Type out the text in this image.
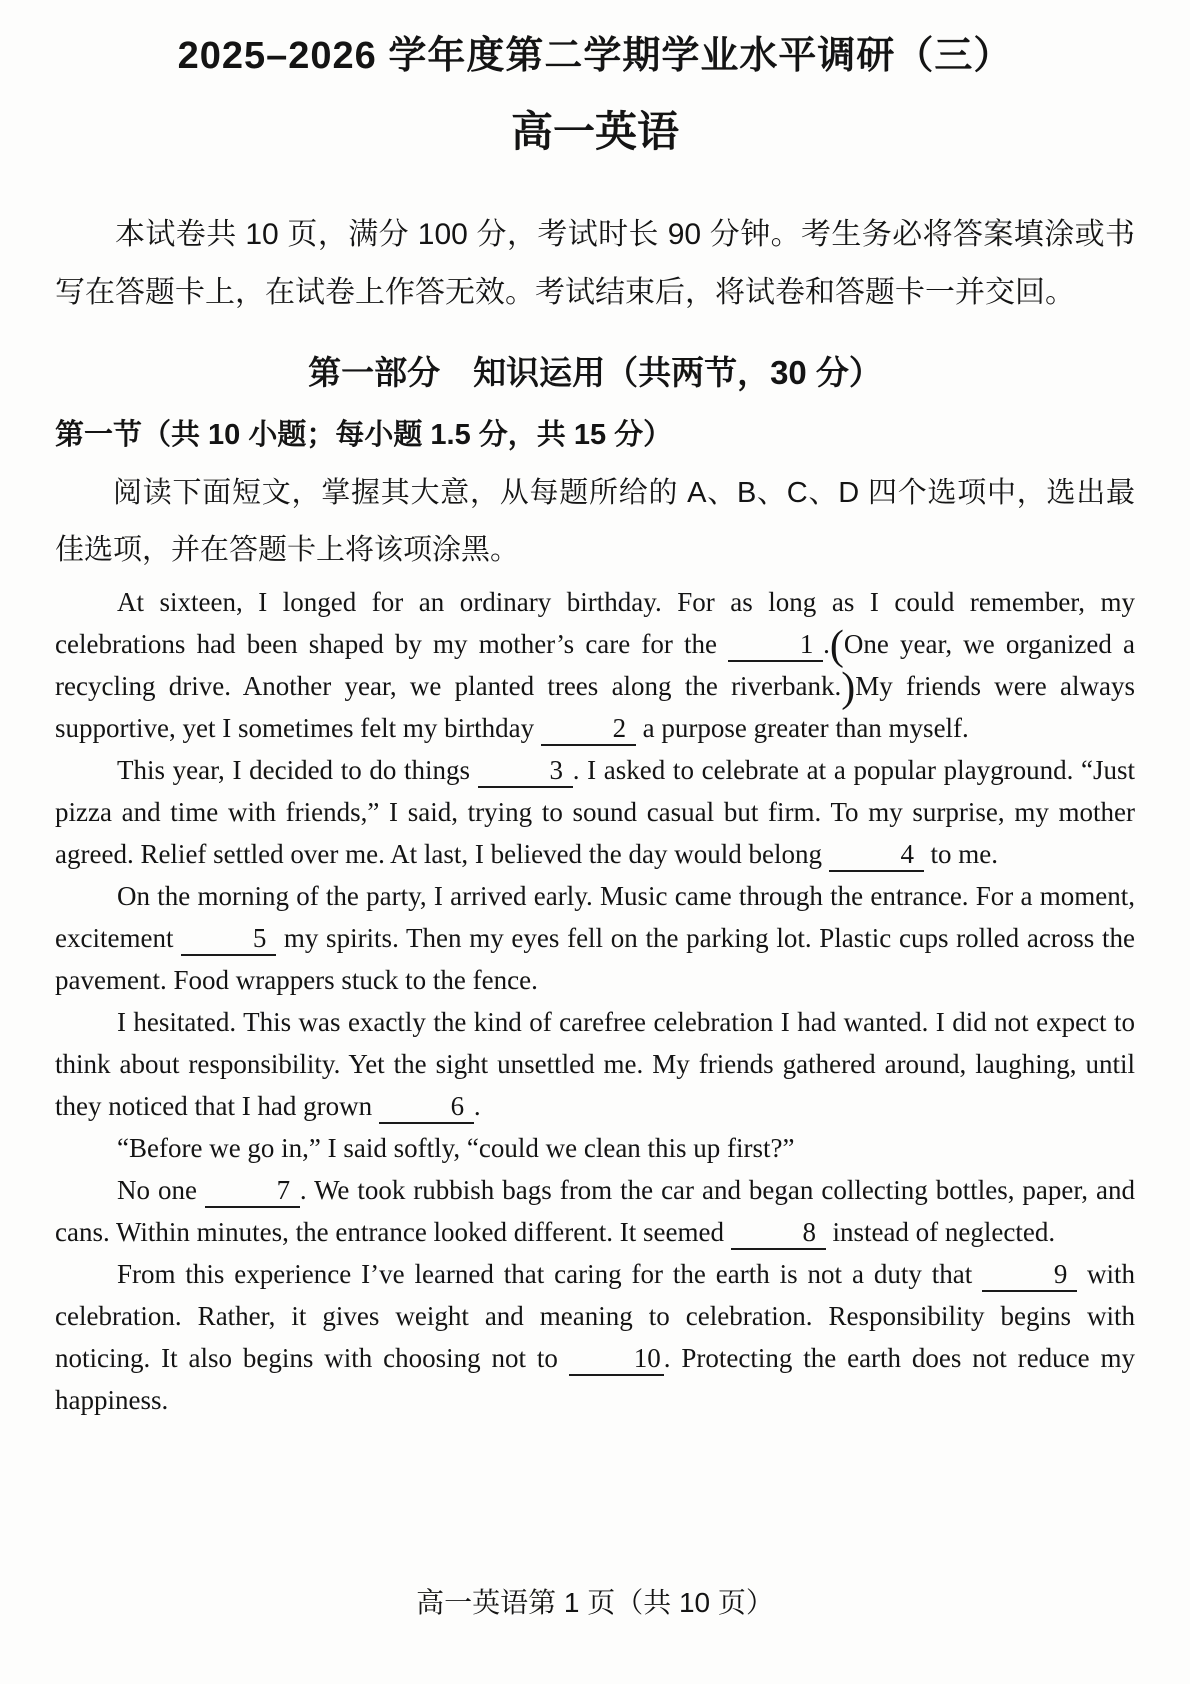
2025–2026 学年度第二学期学业水平调研（三）
高一英语
本试卷共 10 页，满分 100 分，考试时长 90 分钟。考生务必将答案填涂或书写在答题卡上，在试卷上作答无效。考试结束后，将试卷和答题卡一并交回。
第一部分　知识运用（共两节，30 分）
第一节（共 10 小题；每小题 1.5 分，共 15 分）
阅读下面短文，掌握其大意，从每题所给的 A、B、C、D 四个选项中，选出最佳选项，并在答题卡上将该项涂黑。

At sixteen, I longed for an ordinary birthday. For as long as I could remember, my celebrations had been shaped by my mother’s care for the	1 .(One year, we organized a recycling drive. Another year, we planted trees along the riverbank.)My friends were always supportive, yet I sometimes felt my birthday	2 a purpose greater than myself.

This year, I decided to do things	3 . I asked to celebrate at a popular playground. “Just pizza and time with friends,” I said, trying to sound casual but firm. To my surprise, my mother agreed. Relief settled over me. At last, I believed the day would belong	4 to me.

On the morning of the party, I arrived early. Music came through the entrance. For a moment, excitement	5 my spirits. Then my eyes fell on the parking lot. Plastic cups rolled across the pavement. Food wrappers stuck to the fence.

I hesitated. This was exactly the kind of carefree celebration I had wanted. I did not expect to think about responsibility. Yet the sight unsettled me. My friends gathered around, laughing, until they noticed that I had grown	6 .

“Before we go in,” I said softly, “could we clean this up first?”

No one	7 . We took rubbish bags from the car and began collecting bottles, paper, and cans. Within minutes, the entrance looked different. It seemed	8 instead of neglected.

From this experience I’ve learned that caring for the earth is not a duty that	9 with celebration. Rather, it gives weight and meaning to celebration. Responsibility begins with noticing. It also begins with choosing not to 10 . Protecting the earth does not reduce my happiness.

高一英语第 1 页（共 10 页）
